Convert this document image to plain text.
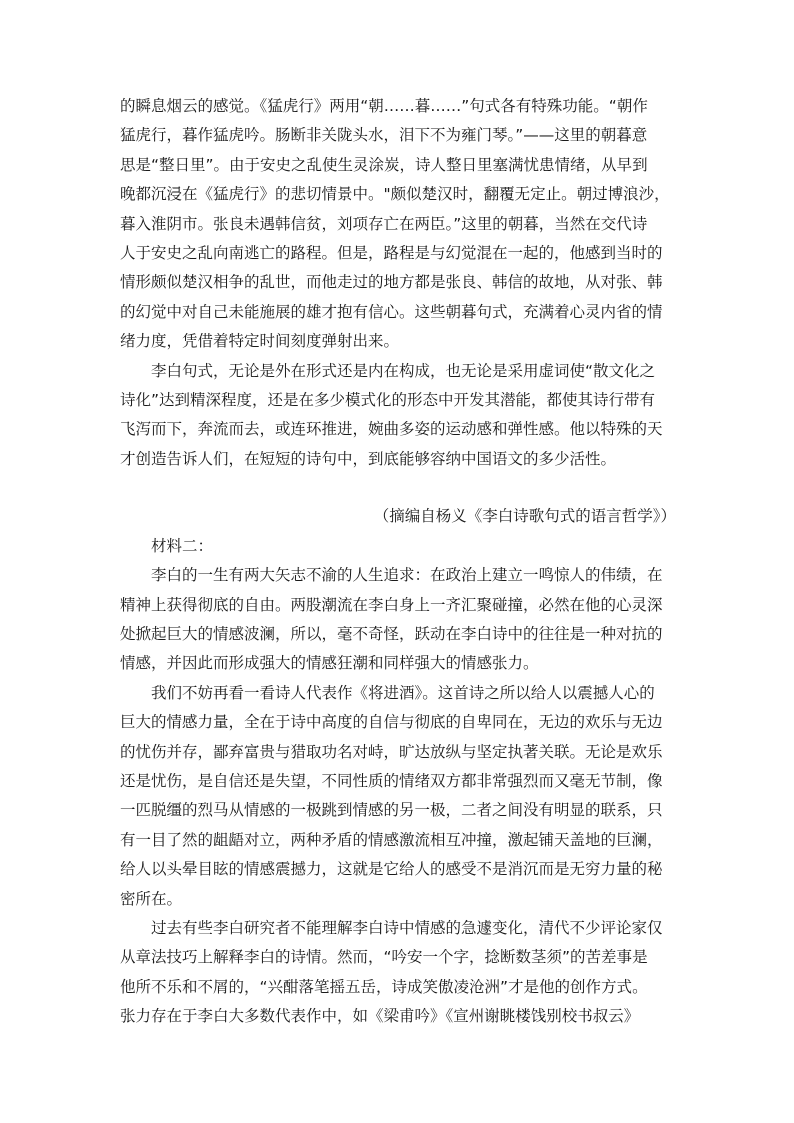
的瞬息烟云的感觉。《猛虎行》两用“朝……暮……”句式各有特殊功能。“朝作
猛虎行，暮作猛虎吟。肠断非关陇头水，泪下不为雍门琴。”——这里的朝暮意
思是“整日里”。由于安史之乱使生灵涂炭，诗人整日里塞满忧患情绪，从早到
晚都沉浸在《猛虎行》的悲切情景中。"颇似楚汉时，翻覆无定止。朝过博浪沙，
暮入淮阴市。张良未遇韩信贫，刘项存亡在两臣。”这里的朝暮，当然在交代诗
人于安史之乱向南逃亡的路程。但是，路程是与幻觉混在一起的，他感到当时的
情形颇似楚汉相争的乱世，而他走过的地方都是张良、韩信的故地，从对张、韩
的幻觉中对自己未能施展的雄才抱有信心。这些朝暮句式，充满着心灵内省的情
绪力度，凭借着特定时间刻度弹射出来。

李白句式，无论是外在形式还是内在构成，也无论是采用虚词使“散文化之
诗化”达到精深程度，还是在多少模式化的形态中开发其潜能，都使其诗行带有
飞泻而下，奔流而去，或连环推进，婉曲多姿的运动感和弹性感。他以特殊的天
才创造告诉人们，在短短的诗句中，到底能够容纳中国语文的多少活性。

（摘编自杨义《李白诗歌句式的语言哲学》）
材料二：

李白的一生有两大矢志不渝的人生追求：在政治上建立一鸣惊人的伟绩，在
精神上获得彻底的自由。两股潮流在李白身上一齐汇聚碰撞，必然在他的心灵深
处掀起巨大的情感波澜，所以，毫不奇怪，跃动在李白诗中的往往是一种对抗的
情感，并因此而形成强大的情感狂潮和同样强大的情感张力。

我们不妨再看一看诗人代表作《将进酒》。这首诗之所以给人以震撼人心的
巨大的情感力量，全在于诗中高度的自信与彻底的自卑同在，无边的欢乐与无边
的忧伤并存，鄙弃富贵与猎取功名对峙，旷达放纵与坚定执著关联。无论是欢乐
还是忧伤，是自信还是失望，不同性质的情绪双方都非常强烈而又毫无节制，像
一匹脱缰的烈马从情感的一极跳到情感的另一极，二者之间没有明显的联系，只
有一目了然的龃龉对立，两种矛盾的情感激流相互冲撞，激起铺天盖地的巨澜，
给人以头晕目眩的情感震撼力，这就是它给人的感受不是消沉而是无穷力量的秘
密所在。

过去有些李白研究者不能理解李白诗中情感的急遽变化，清代不少评论家仅
从章法技巧上解释李白的诗情。然而，“吟安一个字，捻断数茎须”的苦差事是
他所不乐和不屑的，“兴酣落笔摇五岳，诗成笑傲凌沧洲”才是他的创作方式。
张力存在于李白大多数代表作中，如《梁甫吟》《宣州谢眺楼饯别校书叔云》
